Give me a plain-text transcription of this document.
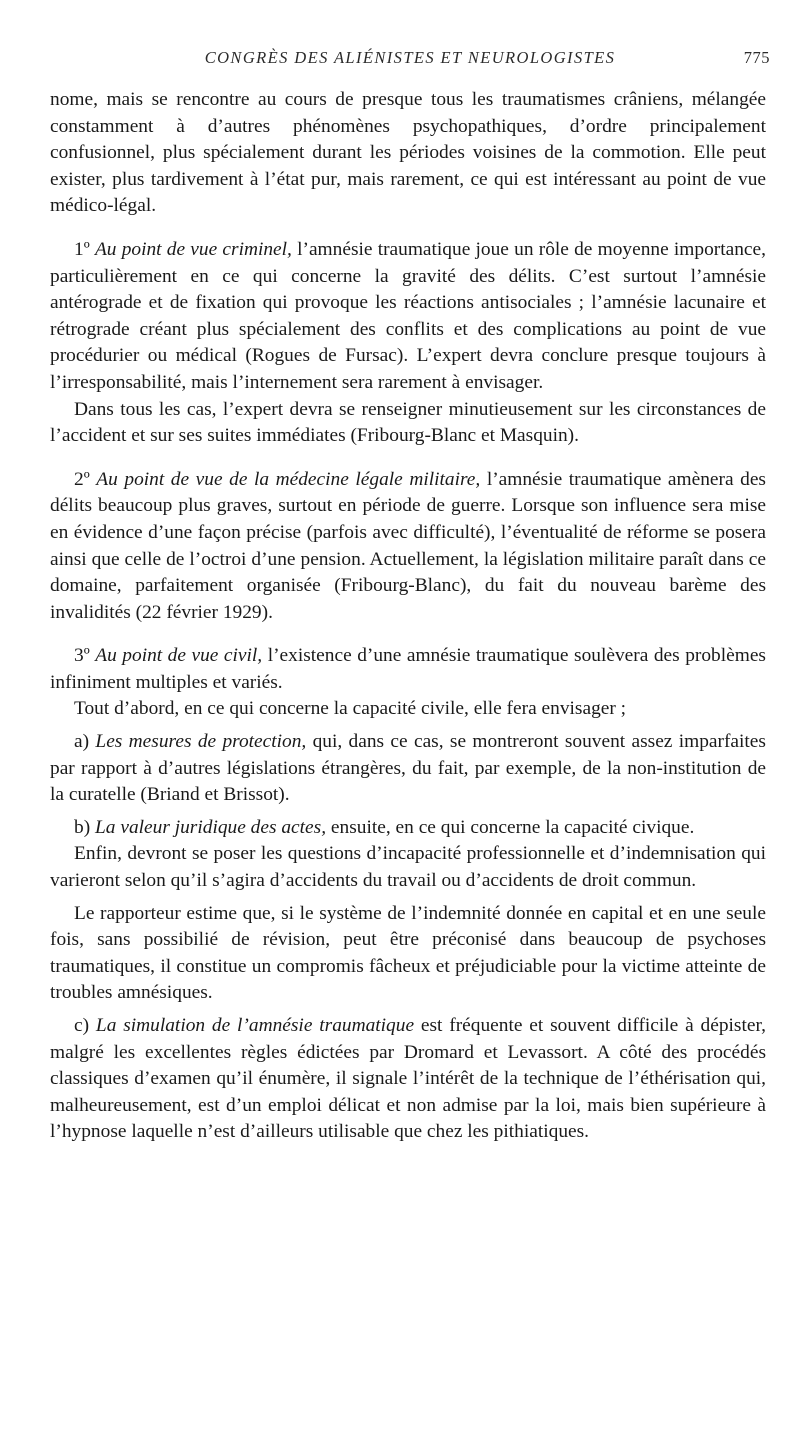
CONGRÈS DES ALIÉNISTES ET NEUROLOGISTES	775

nome, mais se rencontre au cours de presque tous les traumatismes crâniens, mélangée constamment à d’autres phénomènes psychopathiques, d’ordre principalement confusionnel, plus spécialement durant les périodes voisines de la commotion. Elle peut exister, plus tardivement à l’état pur, mais rarement, ce qui est intéressant au point de vue médico-légal.

1º Au point de vue criminel, l’amnésie traumatique joue un rôle de moyenne importance, particulièrement en ce qui concerne la gravité des délits. C’est surtout l’amnésie antérograde et de fixation qui provoque les réactions antisociales ; l’amnésie lacunaire et rétrograde créant plus spécialement des conflits et des complications au point de vue procédurier ou médical (Rogues de Fursac). L’expert devra conclure presque toujours à l’irresponsabilité, mais l’internement sera rarement à envisager.

Dans tous les cas, l’expert devra se renseigner minutieusement sur les circonstances de l’accident et sur ses suites immédiates (Fribourg-Blanc et Masquin).

2º Au point de vue de la médecine légale militaire, l’amnésie traumatique amènera des délits beaucoup plus graves, surtout en période de guerre. Lorsque son influence sera mise en évidence d’une façon précise (parfois avec difficulté), l’éventualité de réforme se posera ainsi que celle de l’octroi d’une pension. Actuellement, la législation militaire paraît dans ce domaine, parfaitement organisée (Fribourg-Blanc), du fait du nouveau barème des invalidités (22 février 1929).

3º Au point de vue civil, l’existence d’une amnésie traumatique soulèvera des problèmes infiniment multiples et variés.

Tout d’abord, en ce qui concerne la capacité civile, elle fera envisager ;

a) Les mesures de protection, qui, dans ce cas, se montreront souvent assez imparfaites par rapport à d’autres législations étrangères, du fait, par exemple, de la non-institution de la curatelle (Briand et Brissot).

b) La valeur juridique des actes, ensuite, en ce qui concerne la capacité civique.

Enfin, devront se poser les questions d’incapacité professionnelle et d’indemnisation qui varieront selon qu’il s’agira d’accidents du travail ou d’accidents de droit commun.

Le rapporteur estime que, si le système de l’indemnité donnée en capital et en une seule fois, sans possibilié de révision, peut être préconisé dans beaucoup de psychoses traumatiques, il constitue un compromis fâcheux et préjudiciable pour la victime atteinte de troubles amnésiques.

c) La simulation de l’amnésie traumatique est fréquente et souvent difficile à dépister, malgré les excellentes règles édictées par Dromard et Levassort. A côté des procédés classiques d’examen qu’il énumère, il signale l’intérêt de la technique de l’éthérisation qui, malheureusement, est d’un emploi délicat et non admise par la loi, mais bien supérieure à l’hypnose laquelle n’est d’ailleurs utilisable que chez les pithiatiques.
